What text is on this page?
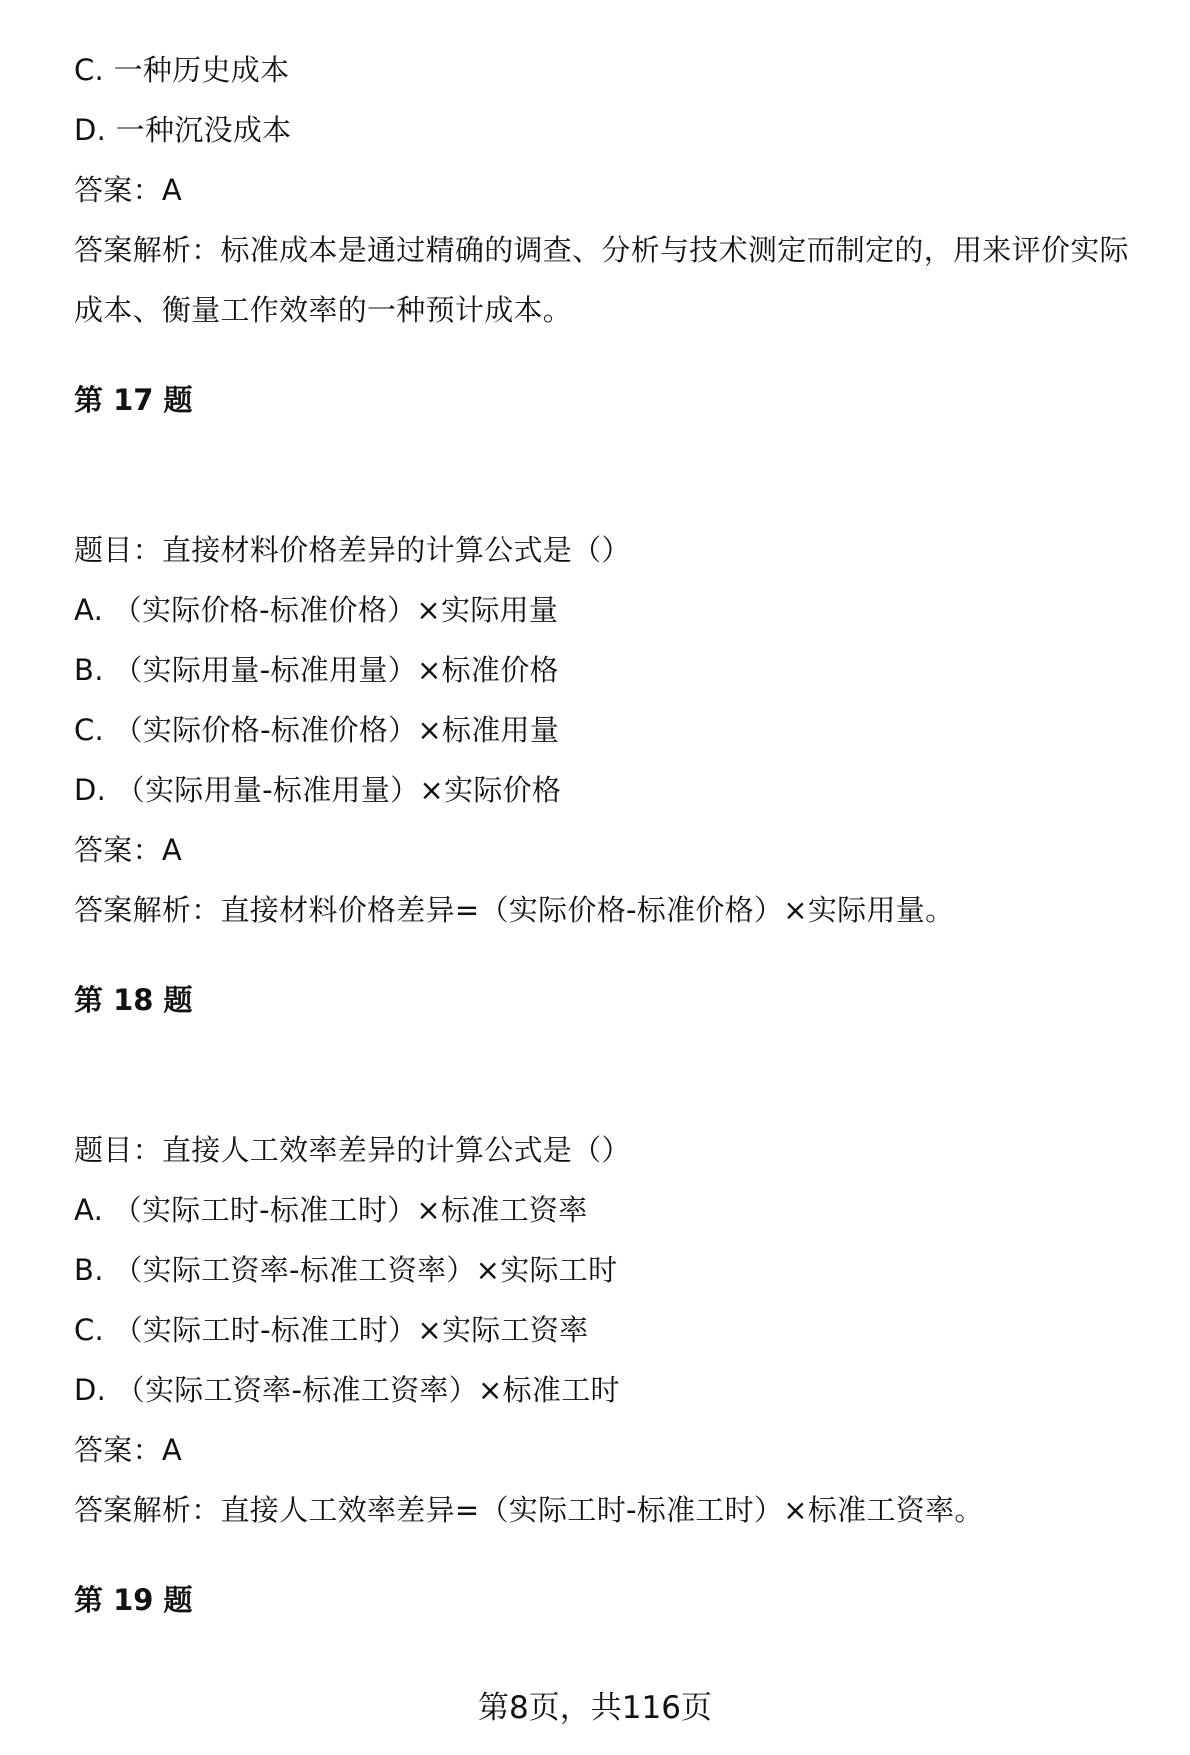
C. 一种历史成本
D. 一种沉没成本
答案：A
答案解析：标准成本是通过精确的调查、分析与技术测定而制定的，用来评价实际
成本、衡量工作效率的一种预计成本。
第 17 题
题目：直接材料价格差异的计算公式是（）
A. （实际价格-标准价格）×实际用量
B. （实际用量-标准用量）×标准价格
C. （实际价格-标准价格）×标准用量
D. （实际用量-标准用量）×实际价格
答案：A
答案解析：直接材料价格差异=（实际价格-标准价格）×实际用量。
第 18 题
题目：直接人工效率差异的计算公式是（）
A. （实际工时-标准工时）×标准工资率
B. （实际工资率-标准工资率）×实际工时
C. （实际工时-标准工时）×实际工资率
D. （实际工资率-标准工资率）×标准工时
答案：A
答案解析：直接人工效率差异=（实际工时-标准工时）×标准工资率。
第 19 题
第8页，共116页
